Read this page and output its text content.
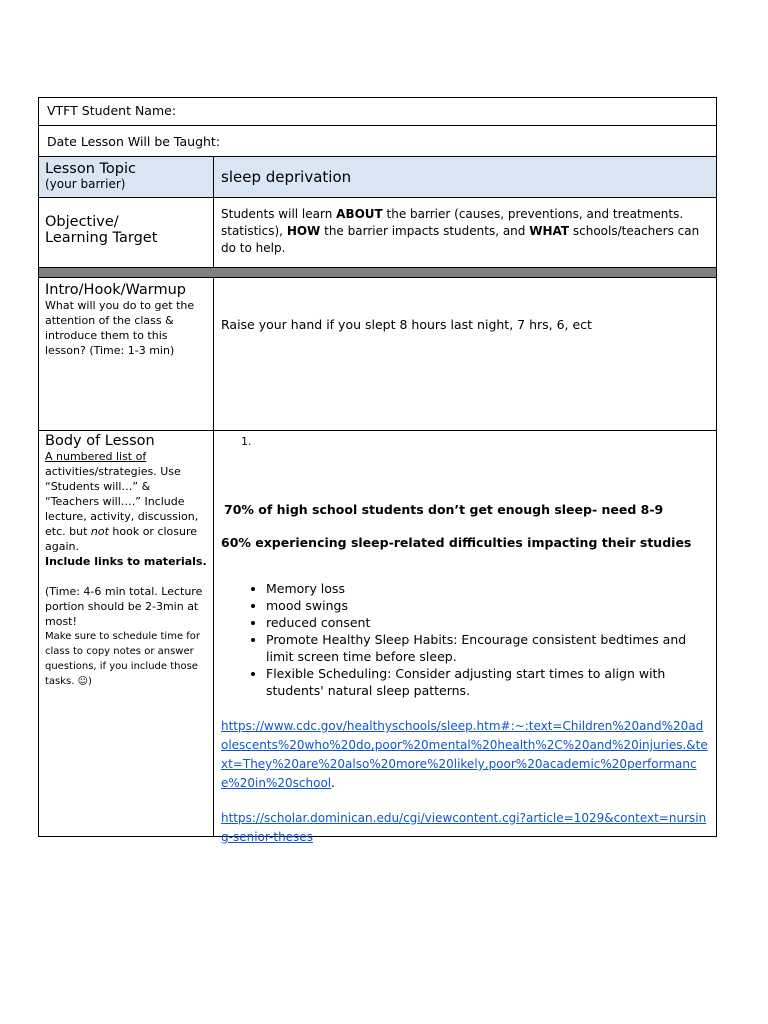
VTFT Student Name:
Date Lesson Will be Taught:
Lesson Topic
(your barrier)	sleep deprivation
Objective/
Learning Target
Students will learn ABOUT the barrier (causes, preventions, and treatments. statistics), HOW the barrier impacts students, and WHAT schools/teachers can do to help.
Intro/Hook/Warmup
What will you do to get the attention of the class & introduce them to this lesson? (Time: 1-3 min)
Raise your hand if you slept 8 hours last night, 7 hrs, 6, ect
Body of Lesson
A numbered list of
activities/strategies. Use “Students will…” & “Teachers will….” Include lecture, activity, discussion, etc. but not hook or closure again.
Include links to materials.
(Time: 4-6 min total. Lecture portion should be 2-3min at most!
Make sure to schedule time for class to copy notes or answer questions, if you include those tasks. ☺)
1.
70% of high school students don’t get enough sleep- need 8-9
60% experiencing sleep-related difficulties impacting their studies
• Memory loss
• mood swings
• reduced consent
• Promote Healthy Sleep Habits: Encourage consistent bedtimes and limit screen time before sleep.
• Flexible Scheduling: Consider adjusting start times to align with students' natural sleep patterns.
https://www.cdc.gov/healthyschools/sleep.htm#:~:text=Children%20and%20adolescents%20who%20do,poor%20mental%20health%2C%20and%20injuries.&text=They%20are%20also%20more%20likely,poor%20academic%20performance%20in%20school.
https://scholar.dominican.edu/cgi/viewcontent.cgi?article=1029&context=nursing-senior-theses
